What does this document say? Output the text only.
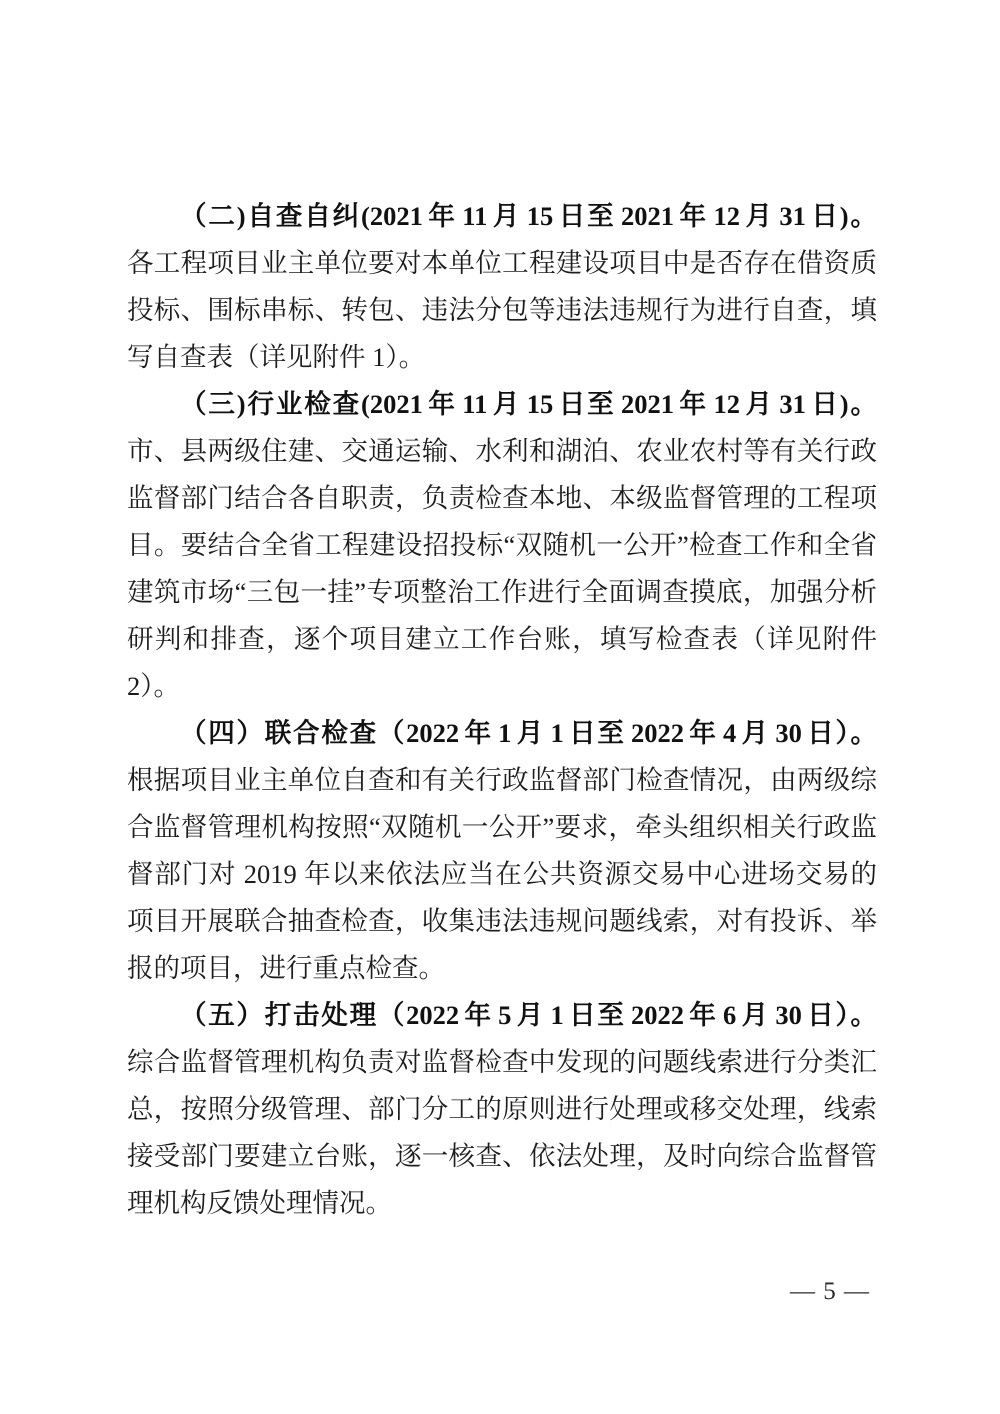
（二)自查自纠(2021 年 11 月 15 日至 2021 年 12 月 31 日)。
各工程项目业主单位要对本单位工程建设项目中是否存在借资质投标、围标串标、转包、违法分包等违法违规行为进行自查，填写自查表（详见附件 1）。

（三)行业检查(2021 年 11 月 15 日至 2021 年 12 月 31 日)。
市、县两级住建、交通运输、水利和湖泊、农业农村等有关行政监督部门结合各自职责，负责检查本地、本级监督管理的工程项目。要结合全省工程建设招投标“双随机一公开”检查工作和全省建筑市场“三包一挂”专项整治工作进行全面调查摸底，加强分析研判和排查，逐个项目建立工作台账，填写检查表（详见附件 2）。

（四）联合检查（2022 年 1 月 1 日至 2022 年 4 月 30 日）。
根据项目业主单位自查和有关行政监督部门检查情况，由两级综合监督管理机构按照“双随机一公开”要求，牵头组织相关行政监督部门对 2019 年以来依法应当在公共资源交易中心进场交易的项目开展联合抽查检查，收集违法违规问题线索，对有投诉、举报的项目，进行重点检查。

（五）打击处理（2022 年 5 月 1 日至 2022 年 6 月 30 日）。
综合监督管理机构负责对监督检查中发现的问题线索进行分类汇总，按照分级管理、部门分工的原则进行处理或移交处理，线索接受部门要建立台账，逐一核查、依法处理，及时向综合监督管理机构反馈处理情况。

— 5 —
